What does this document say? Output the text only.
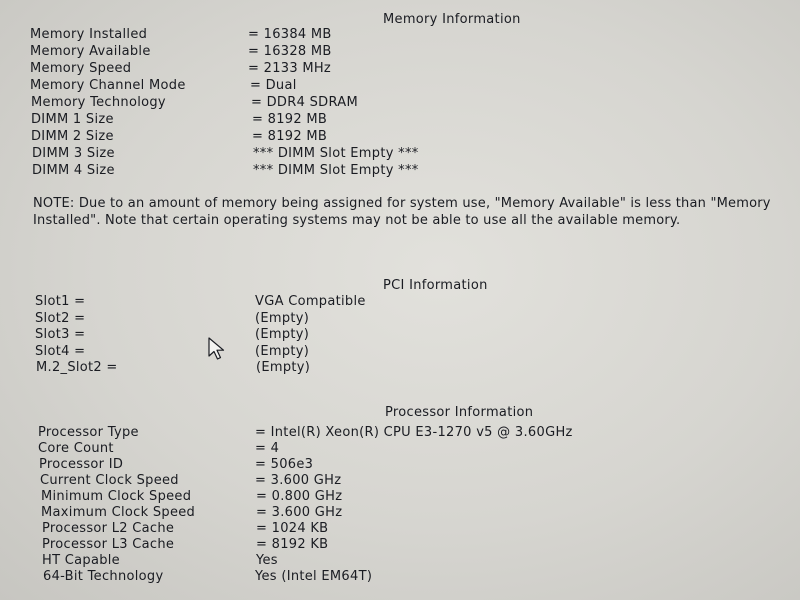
Memory Information
Memory Installed	= 16384 MB
Memory Available	= 16328 MB
Memory Speed	= 2133 MHz
Memory Channel Mode	= Dual
Memory Technology	= DDR4 SDRAM
DIMM 1 Size	= 8192 MB
DIMM 2 Size	= 8192 MB
DIMM 3 Size	*** DIMM Slot Empty ***
DIMM 4 Size	*** DIMM Slot Empty ***
NOTE: Due to an amount of memory being assigned for system use, "Memory Available" is less than "Memory Installed". Note that certain operating systems may not be able to use all the available memory.
PCI Information
Slot1 =	VGA Compatible
Slot2 =	(Empty)
Slot3 =	(Empty)
Slot4 =	(Empty)
M.2_Slot2 =	(Empty)
Processor Information
Processor Type	= Intel(R) Xeon(R) CPU E3-1270 v5 @ 3.60GHz
Core Count	= 4
Processor ID	= 506e3
Current Clock Speed	= 3.600 GHz
Minimum Clock Speed	= 0.800 GHz
Maximum Clock Speed	= 3.600 GHz
Processor L2 Cache	= 1024 KB
Processor L3 Cache	= 8192 KB
HT Capable	Yes
64-Bit Technology	Yes (Intel EM64T)
